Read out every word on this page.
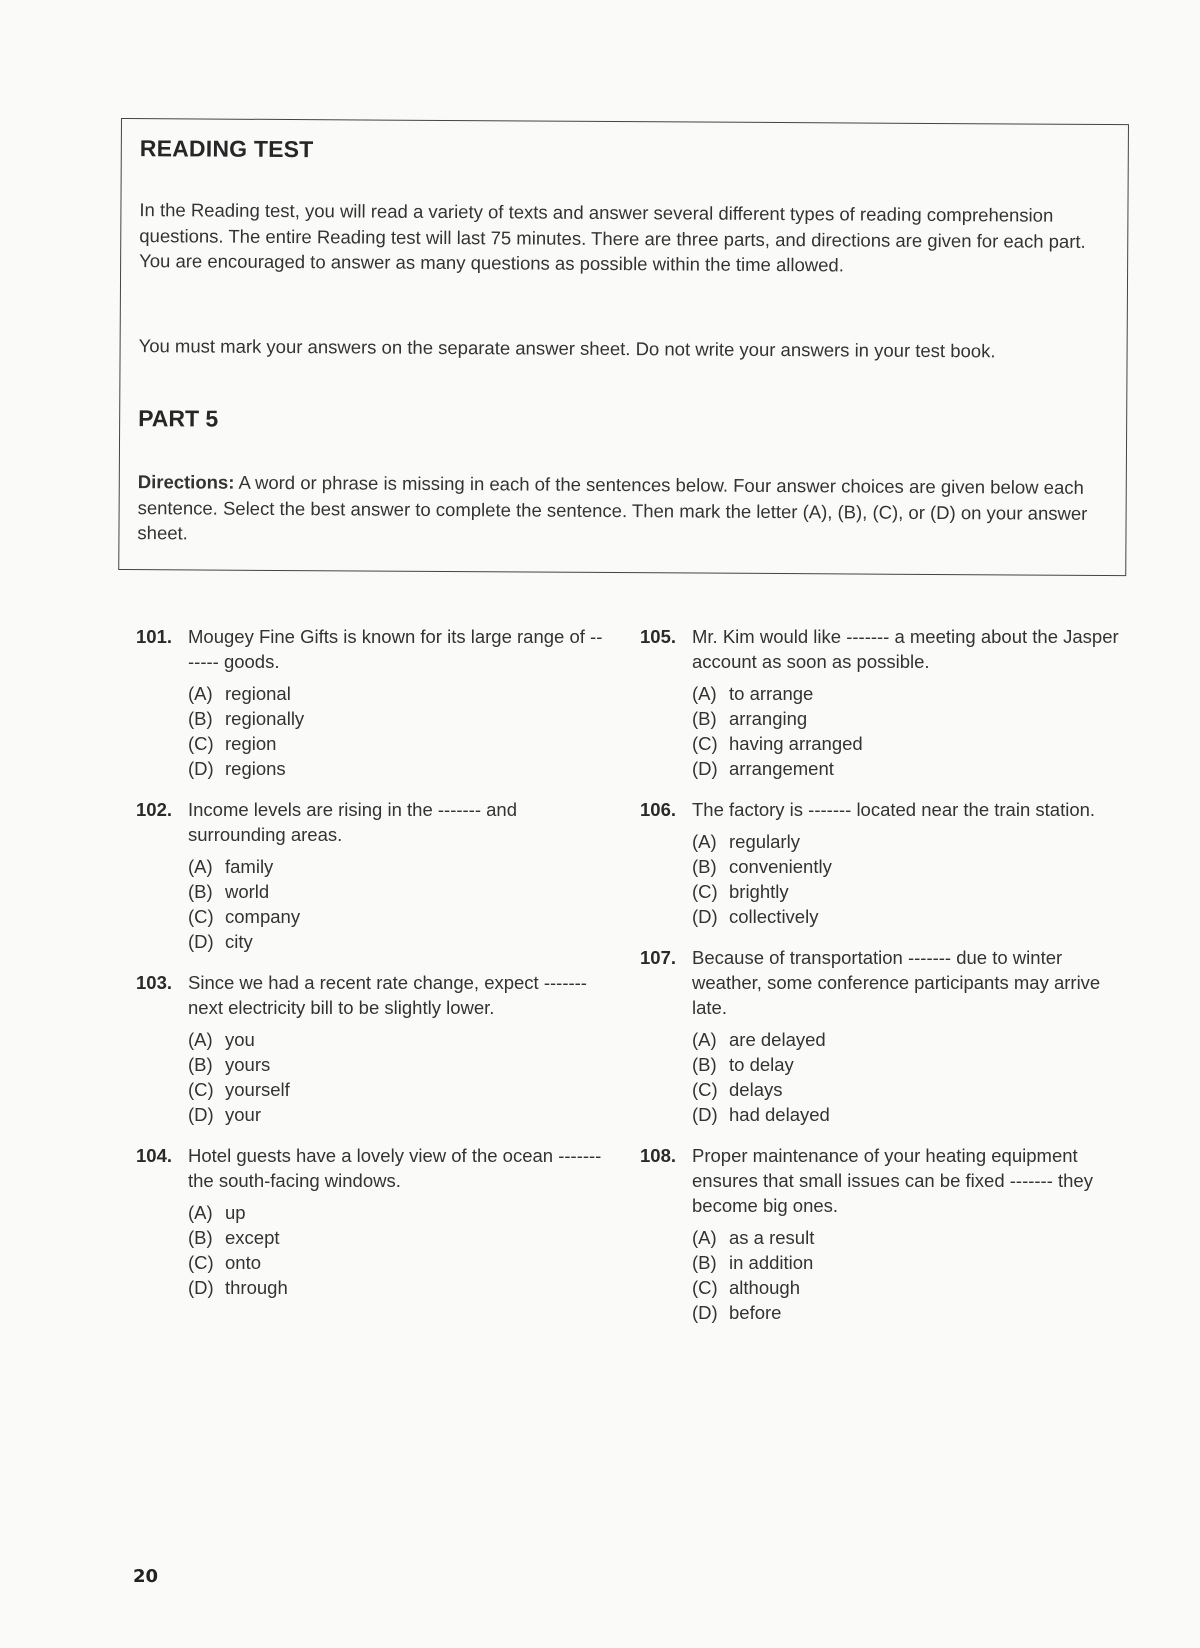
READING TEST
In the Reading test, you will read a variety of texts and answer several different types of reading comprehension questions. The entire Reading test will last 75 minutes. There are three parts, and directions are given for each part. You are encouraged to answer as many questions as possible within the time allowed.
You must mark your answers on the separate answer sheet. Do not write your answers in your test book.
PART 5
Directions: A word or phrase is missing in each of the sentences below. Four answer choices are given below each sentence. Select the best answer to complete the sentence. Then mark the letter (A), (B), (C), or (D) on your answer sheet.
101. Mougey Fine Gifts is known for its large range of ------- goods.
(A) regional
(B) regionally
(C) region
(D) regions
102. Income levels are rising in the ------- and surrounding areas.
(A) family
(B) world
(C) company
(D) city
103. Since we had a recent rate change, expect ------- next electricity bill to be slightly lower.
(A) you
(B) yours
(C) yourself
(D) your
104. Hotel guests have a lovely view of the ocean ------- the south-facing windows.
(A) up
(B) except
(C) onto
(D) through
105. Mr. Kim would like ------- a meeting about the Jasper account as soon as possible.
(A) to arrange
(B) arranging
(C) having arranged
(D) arrangement
106. The factory is ------- located near the train station.
(A) regularly
(B) conveniently
(C) brightly
(D) collectively
107. Because of transportation ------- due to winter weather, some conference participants may arrive late.
(A) are delayed
(B) to delay
(C) delays
(D) had delayed
108. Proper maintenance of your heating equipment ensures that small issues can be fixed ------- they become big ones.
(A) as a result
(B) in addition
(C) although
(D) before
20
